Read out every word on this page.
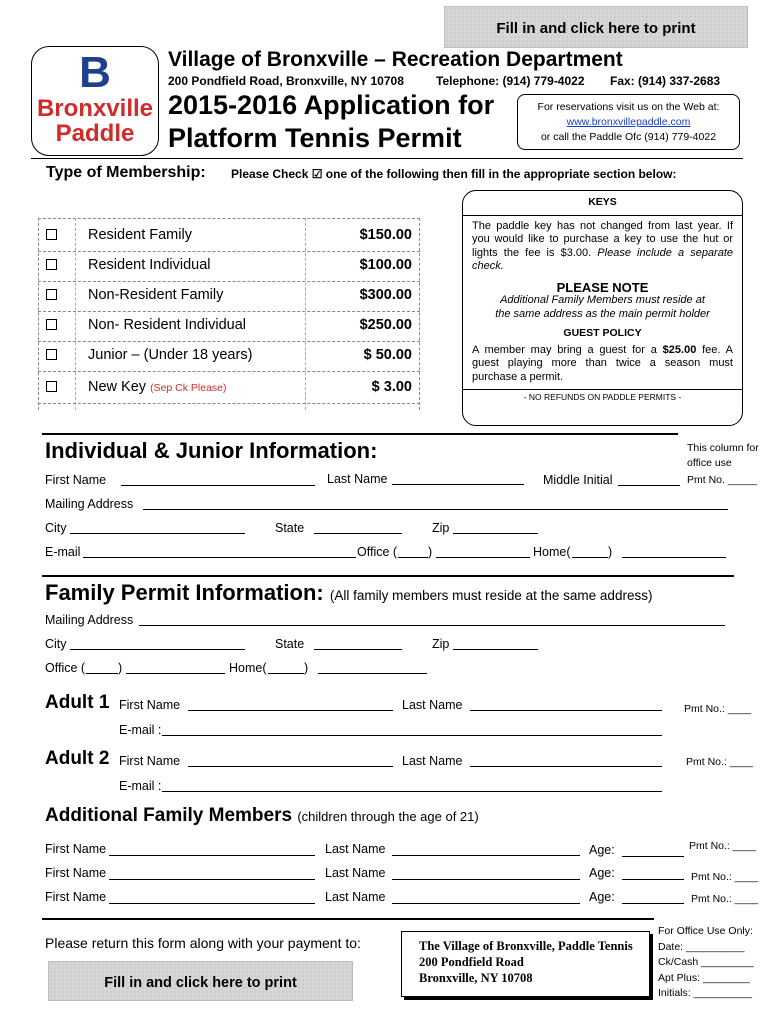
Fill in and click here to print
B
Bronxville
Paddle
Village of Bronxville – Recreation Department
200 Pondfield Road, Bronxville, NY 10708	Telephone: (914) 779-4022 Fax: (914) 337-2683
2015-2016 Application for
Platform Tennis Permit
For reservations visit us on the Web at:
www.bronxvillepaddle.com
or call the Paddle Ofc (914) 779-4022
Type of Membership: Please Check ☑ one of the following then fill in the appropriate section below:
Resident Family	$150.00
Resident Individual	$100.00
Non-Resident Family	$300.00
Non- Resident Individual	$250.00
Junior – (Under 18 years)	$ 50.00
New Key (Sep Ck Please)	$ 3.00
KEYS
The paddle key has not changed from last year. If you would like to purchase a key to use the hut or lights the fee is $3.00. Please include a separate check.
PLEASE NOTE
Additional Family Members must reside at the same address as the main permit holder
GUEST POLICY
A member may bring a guest for a $25.00 fee. A guest playing more than twice a season must purchase a permit.
- NO REFUNDS ON PADDLE PERMITS -
Individual & Junior Information:	This column for office use
Pmt No. _____
First Name	Last Name	Middle Initial
Mailing Address
City	State	Zip
E-mail	Office ( )	Home(	)
Family Permit Information: (All family members must reside at the same address)
Mailing Address
City	State	Zip
Office (	)	Home(	)
Adult 1 First Name	Last Name	Pmt No.: ____
E-mail :
Adult 2 First Name	Last Name	Pmt No.: ____
E-mail :
Additional Family Members (children through the age of 21)
First Name	Last Name	Age:	Pmt No.: ____
First Name	Last Name	Age:	Pmt No.: ____
First Name	Last Name	Age:	Pmt No.: ____
Please return this form along with your payment to:
Fill in and click here to print
The Village of Bronxville, Paddle Tennis
200 Pondfield Road
Bronxville, NY 10708
For Office Use Only:
Date: __________
Ck/Cash _________
Apt Plus: ________
Initials: __________
